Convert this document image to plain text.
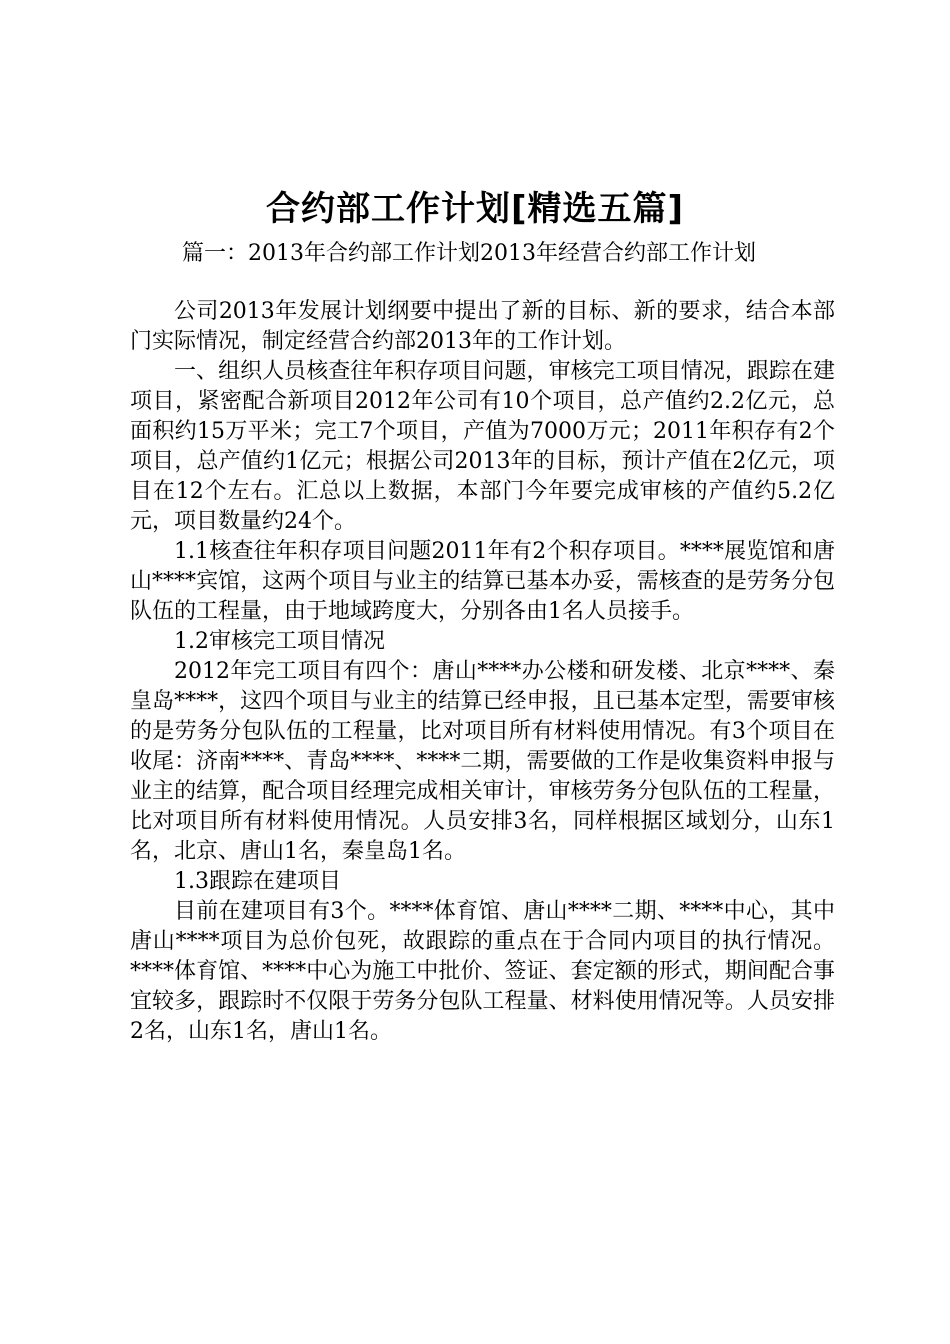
合约部工作计划[精选五篇]
篇一：2013年合约部工作计划2013年经营合约部工作计划

公司2013年发展计划纲要中提出了新的目标、新的要求，结合本部门实际情况，制定经营合约部2013年的工作计划。

一、组织人员核查往年积存项目问题，审核完工项目情况，跟踪在建项目，紧密配合新项目2012年公司有10个项目，总产值约2.2亿元，总面积约15万平米；完工7个项目，产值为7000万元；2011年积存有2个项目，总产值约1亿元；根据公司2013年的目标，预计产值在2亿元，项目在12个左右。汇总以上数据，本部门今年要完成审核的产值约5.2亿元，项目数量约24个。

1.1核查往年积存项目问题2011年有2个积存项目。****展览馆和唐山****宾馆，这两个项目与业主的结算已基本办妥，需核查的是劳务分包队伍的工程量，由于地域跨度大，分别各由1名人员接手。

1.2审核完工项目情况

2012年完工项目有四个：唐山****办公楼和研发楼、北京****、秦皇岛****，这四个项目与业主的结算已经申报，且已基本定型，需要审核的是劳务分包队伍的工程量，比对项目所有材料使用情况。有3个项目在收尾：济南****、青岛****、****二期，需要做的工作是收集资料申报与业主的结算，配合项目经理完成相关审计，审核劳务分包队伍的工程量，比对项目所有材料使用情况。人员安排3名，同样根据区域划分，山东1名，北京、唐山1名，秦皇岛1名。

1.3跟踪在建项目

目前在建项目有3个。****体育馆、唐山****二期、****中心，其中唐山****项目为总价包死，故跟踪的重点在于合同内项目的执行情况。****体育馆、****中心为施工中批价、签证、套定额的形式，期间配合事宜较多，跟踪时不仅限于劳务分包队工程量、材料使用情况等。人员安排2名，山东1名，唐山1名。
